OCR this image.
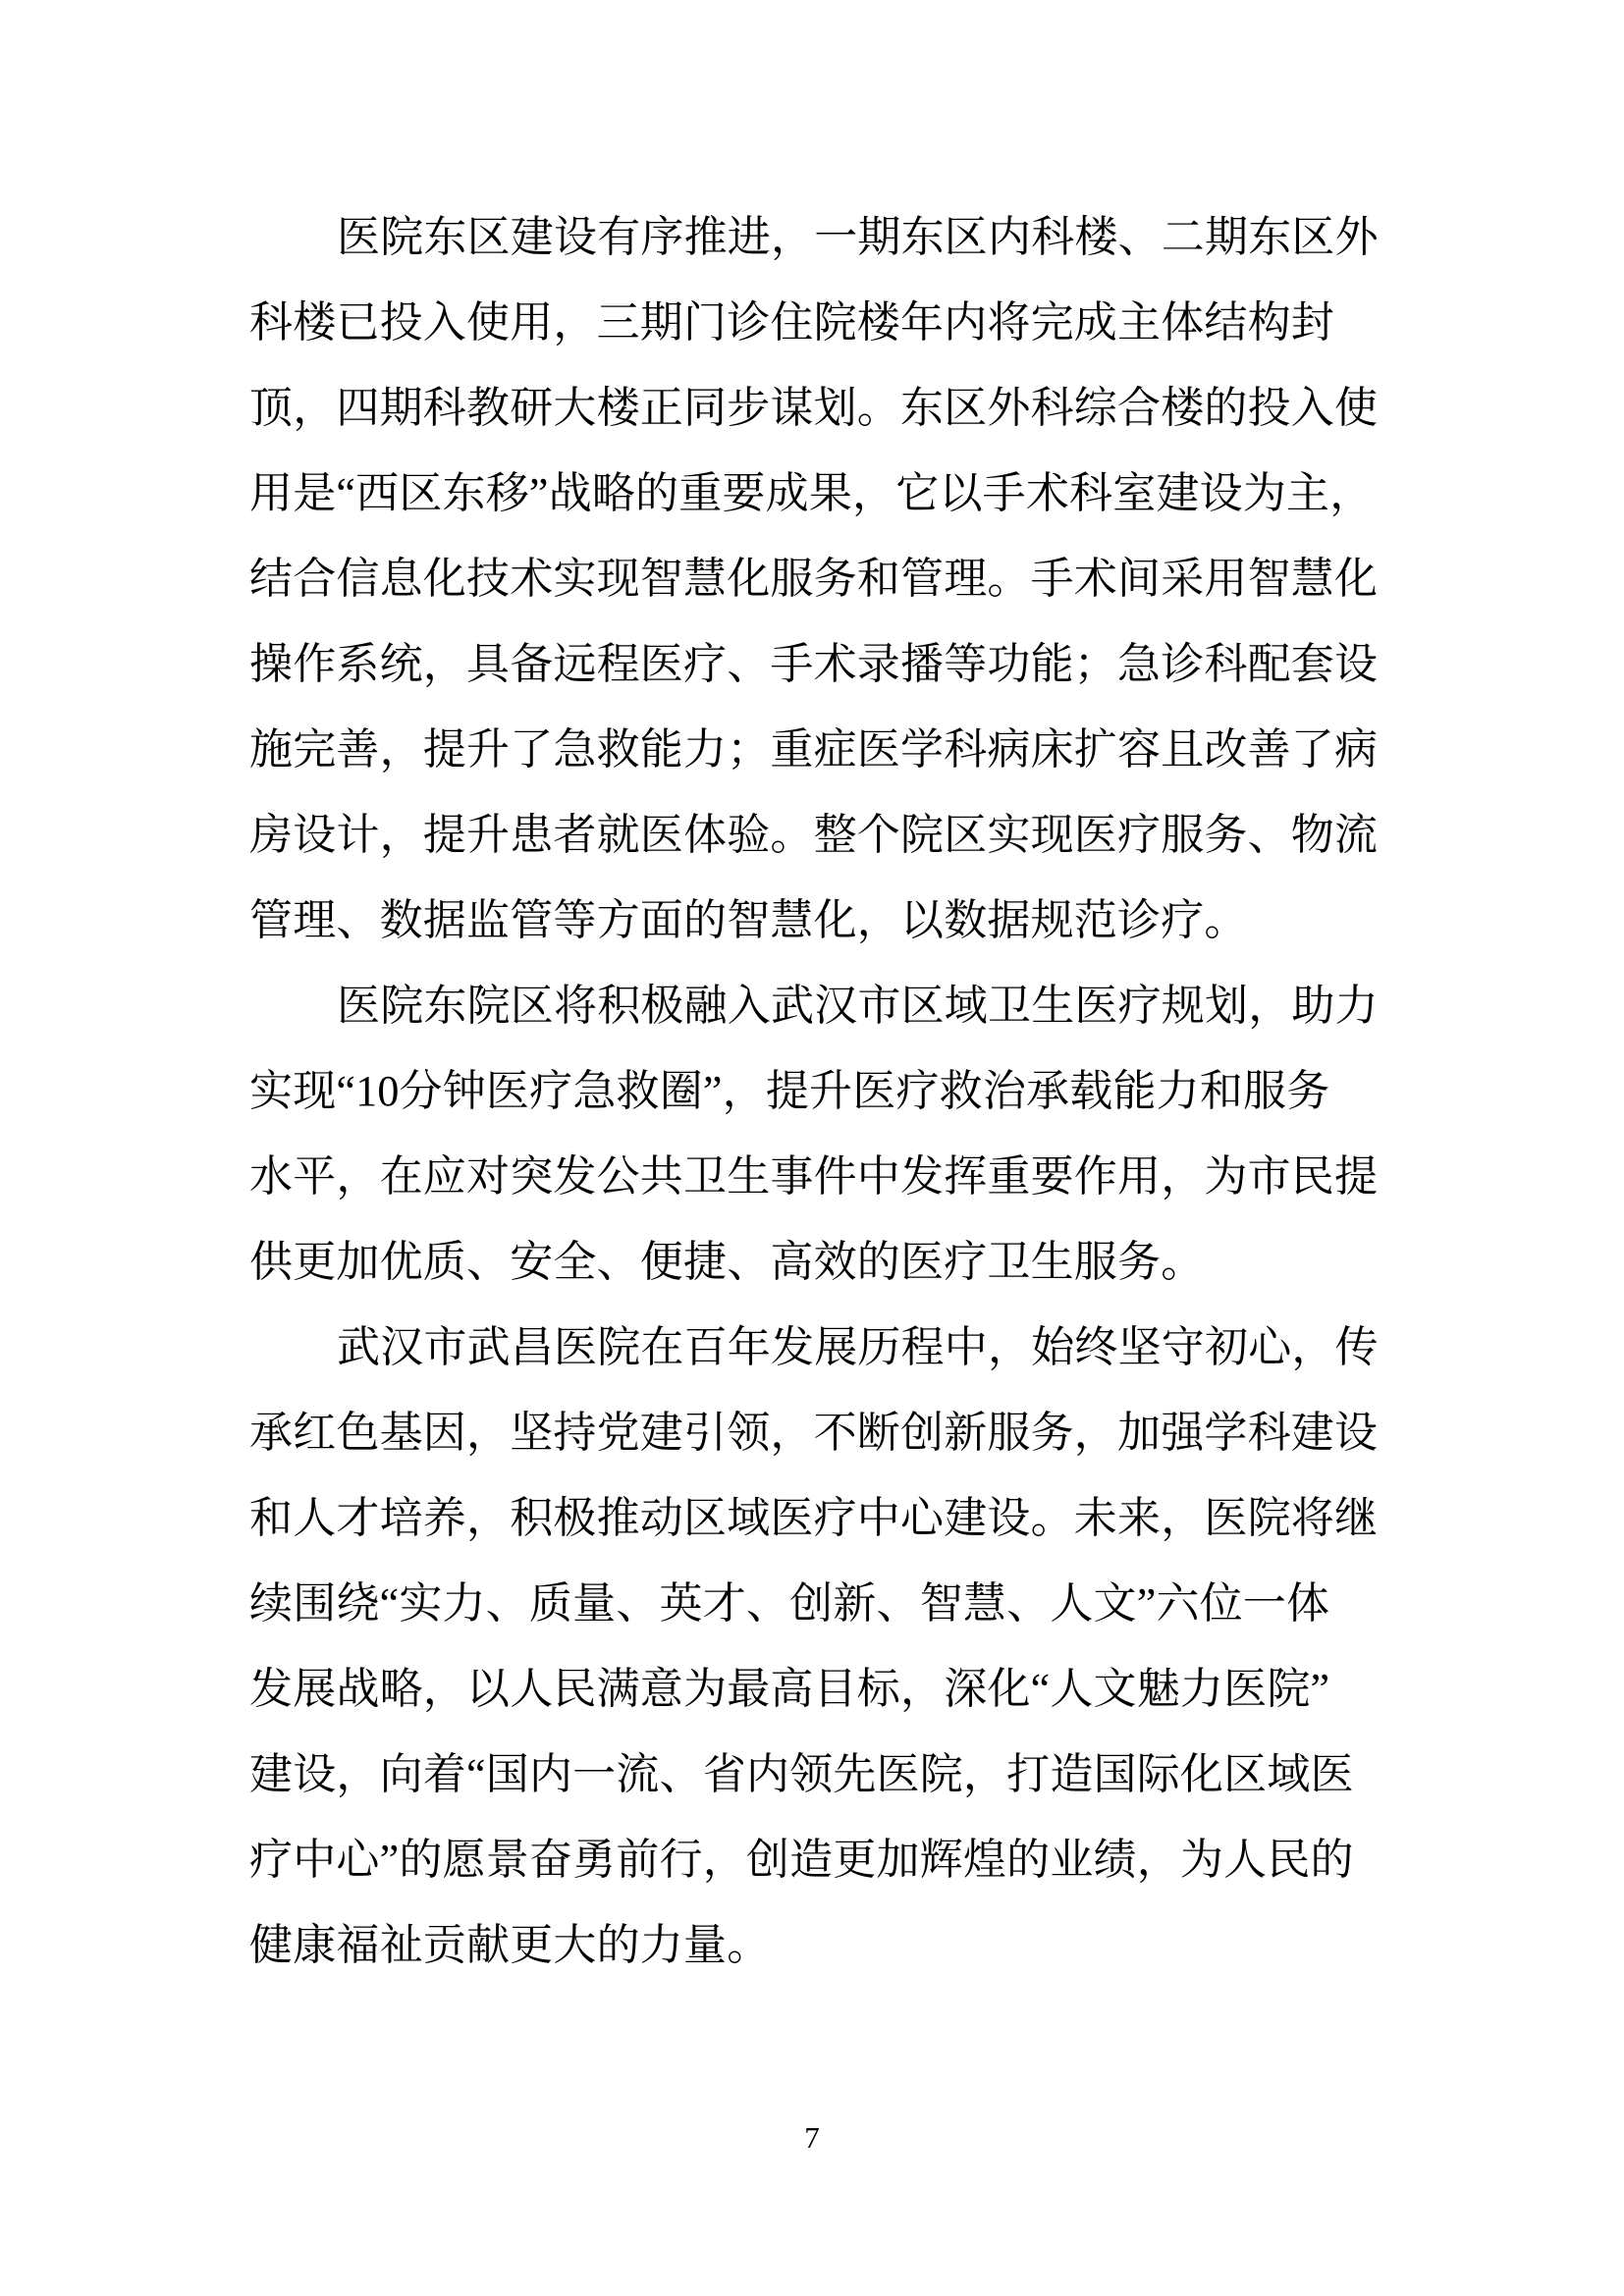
医院东区建设有序推进，一期东区内科楼、二期东区外
科楼已投入使用，三期门诊住院楼年内将完成主体结构封
顶，四期科教研大楼正同步谋划。东区外科综合楼的投入使
用是“西区东移”战略的重要成果，它以手术科室建设为主，
结合信息化技术实现智慧化服务和管理。手术间采用智慧化
操作系统，具备远程医疗、手术录播等功能；急诊科配套设
施完善，提升了急救能力；重症医学科病床扩容且改善了病
房设计，提升患者就医体验。整个院区实现医疗服务、物流
管理、数据监管等方面的智慧化，以数据规范诊疗。
医院东院区将积极融入武汉市区域卫生医疗规划，助力
实现“10分钟医疗急救圈”，提升医疗救治承载能力和服务
水平，在应对突发公共卫生事件中发挥重要作用，为市民提
供更加优质、安全、便捷、高效的医疗卫生服务。
武汉市武昌医院在百年发展历程中，始终坚守初心，传
承红色基因，坚持党建引领，不断创新服务，加强学科建设
和人才培养，积极推动区域医疗中心建设。未来，医院将继
续围绕“实力、质量、英才、创新、智慧、人文”六位一体
发展战略，以人民满意为最高目标，深化“人文魅力医院”
建设，向着“国内一流、省内领先医院，打造国际化区域医
疗中心”的愿景奋勇前行，创造更加辉煌的业绩，为人民的
健康福祉贡献更大的力量。
7
